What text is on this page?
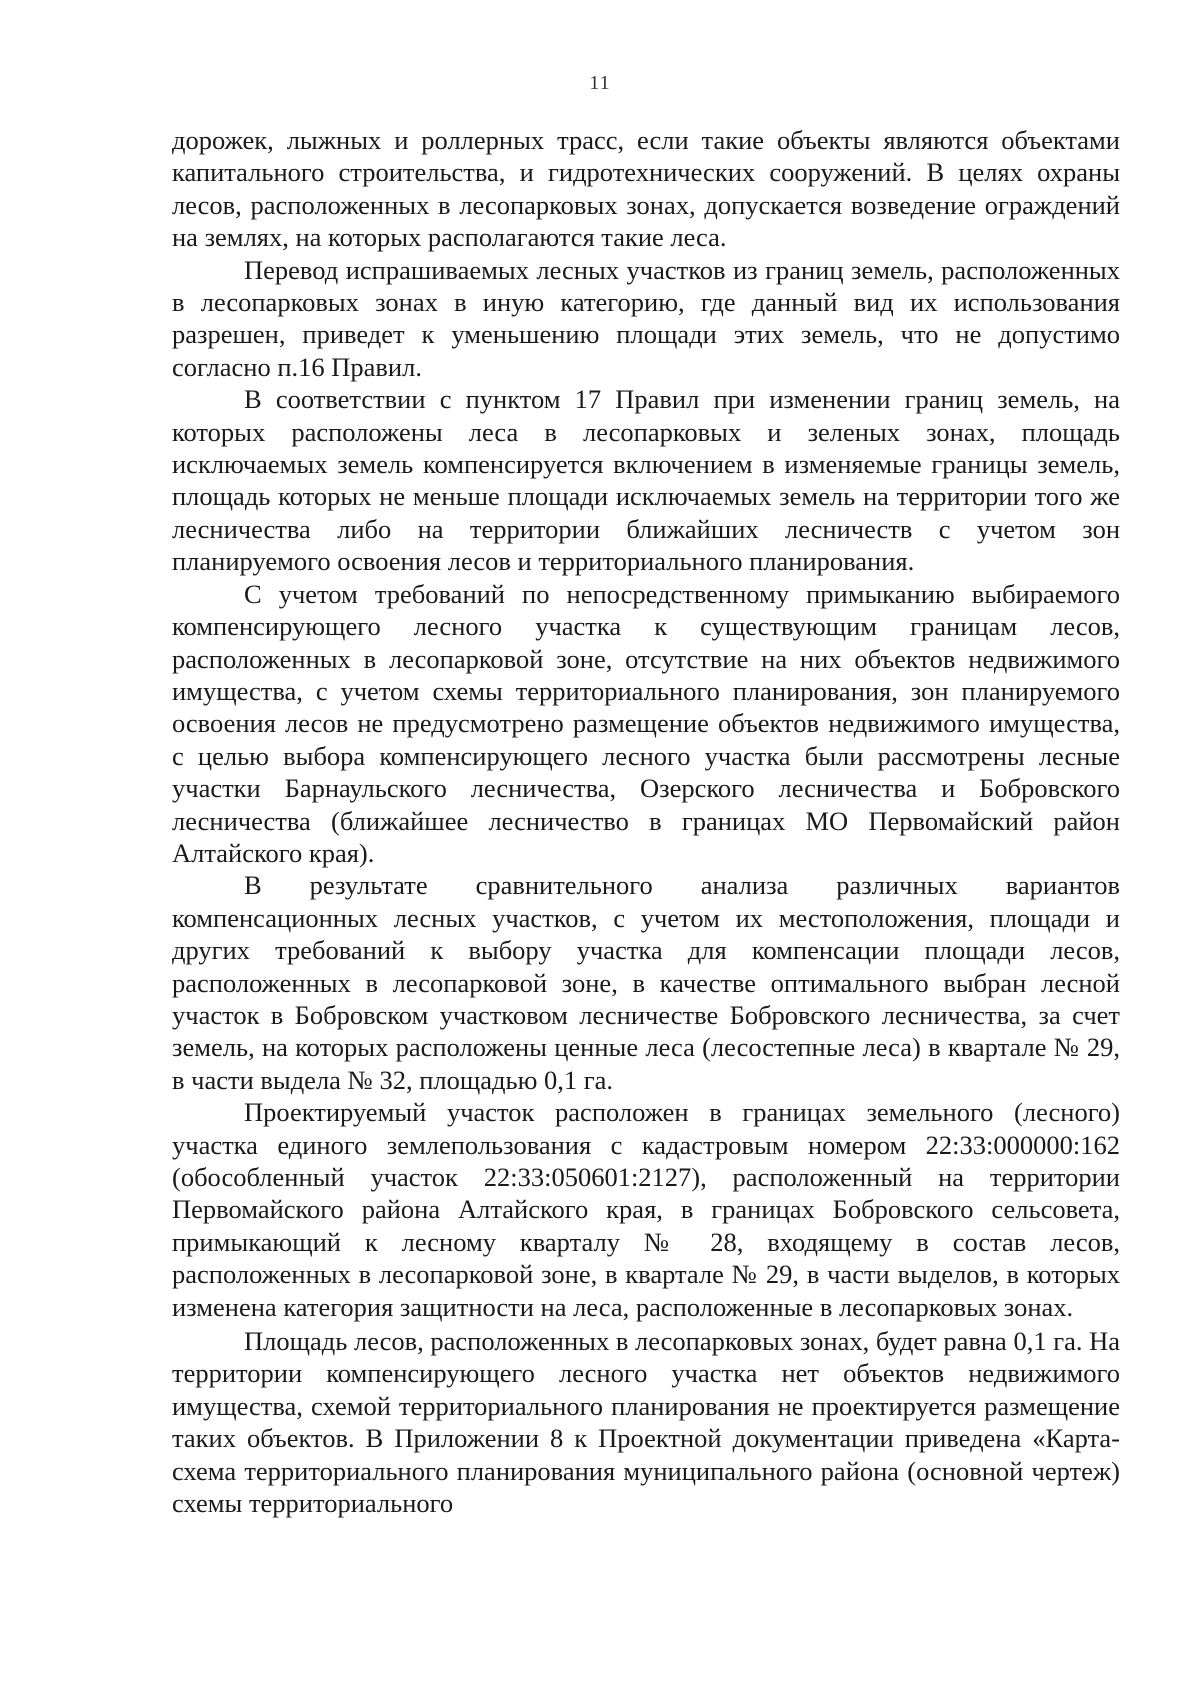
11

дорожек, лыжных и роллерных трасс, если такие объекты являются объектами капитального строительства, и гидротехнических сооружений. В целях охраны лесов, расположенных в лесопарковых зонах, допускается возведение ограждений на землях, на которых располагаются такие леса.

Перевод испрашиваемых лесных участков из границ земель, расположенных в лесопарковых зонах в иную категорию, где данный вид их использования разрешен, приведет к уменьшению площади этих земель, что не допустимо согласно п.16 Правил.

В соответствии с пунктом 17 Правил при изменении границ земель, на которых расположены леса в лесопарковых и зеленых зонах, площадь исключаемых земель компенсируется включением в изменяемые границы земель, площадь которых не меньше площади исключаемых земель на территории того же лесничества либо на территории ближайших лесничеств с учетом зон планируемого освоения лесов и территориального планирования.

С учетом требований по непосредственному примыканию выбираемого компенсирующего лесного участка к существующим границам лесов, расположенных в лесопарковой зоне, отсутствие на них объектов недвижимого имущества, с учетом схемы территориального планирования, зон планируемого освоения лесов не предусмотрено размещение объектов недвижимого имущества, с целью выбора компенсирующего лесного участка были рассмотрены лесные участки Барнаульского лесничества, Озерского лесничества и Бобровского лесничества (ближайшее лесничество в границах МО Первомайский район Алтайского края).

В результате сравнительного анализа различных вариантов компенсационных лесных участков, с учетом их местоположения, площади и других требований к выбору участка для компенсации площади лесов, расположенных в лесопарковой зоне, в качестве оптимального выбран лесной участок в Бобровском участковом лесничестве Бобровского лесничества, за счет земель, на которых расположены ценные леса (лесостепные леса) в квартале № 29, в части выдела № 32, площадью 0,1 га.

Проектируемый участок расположен в границах земельного (лесного) участка единого землепользования с кадастровым номером 22:33:000000:162 (обособленный участок 22:33:050601:2127), расположенный на территории Первомайского района Алтайского края, в границах Бобровского сельсовета, примыкающий к лесному кварталу № 28, входящему в состав лесов, расположенных в лесопарковой зоне, в квартале № 29, в части выделов, в которых изменена категория защитности на леса, расположенные в лесопарковых зонах.

Площадь лесов, расположенных в лесопарковых зонах, будет равна 0,1 га. На территории компенсирующего лесного участка нет объектов недвижимого имущества, схемой территориального планирования не проектируется размещение таких объектов. В Приложении 8 к Проектной документации приведена «Карта-схема территориального планирования муниципального района (основной чертеж) схемы территориального
